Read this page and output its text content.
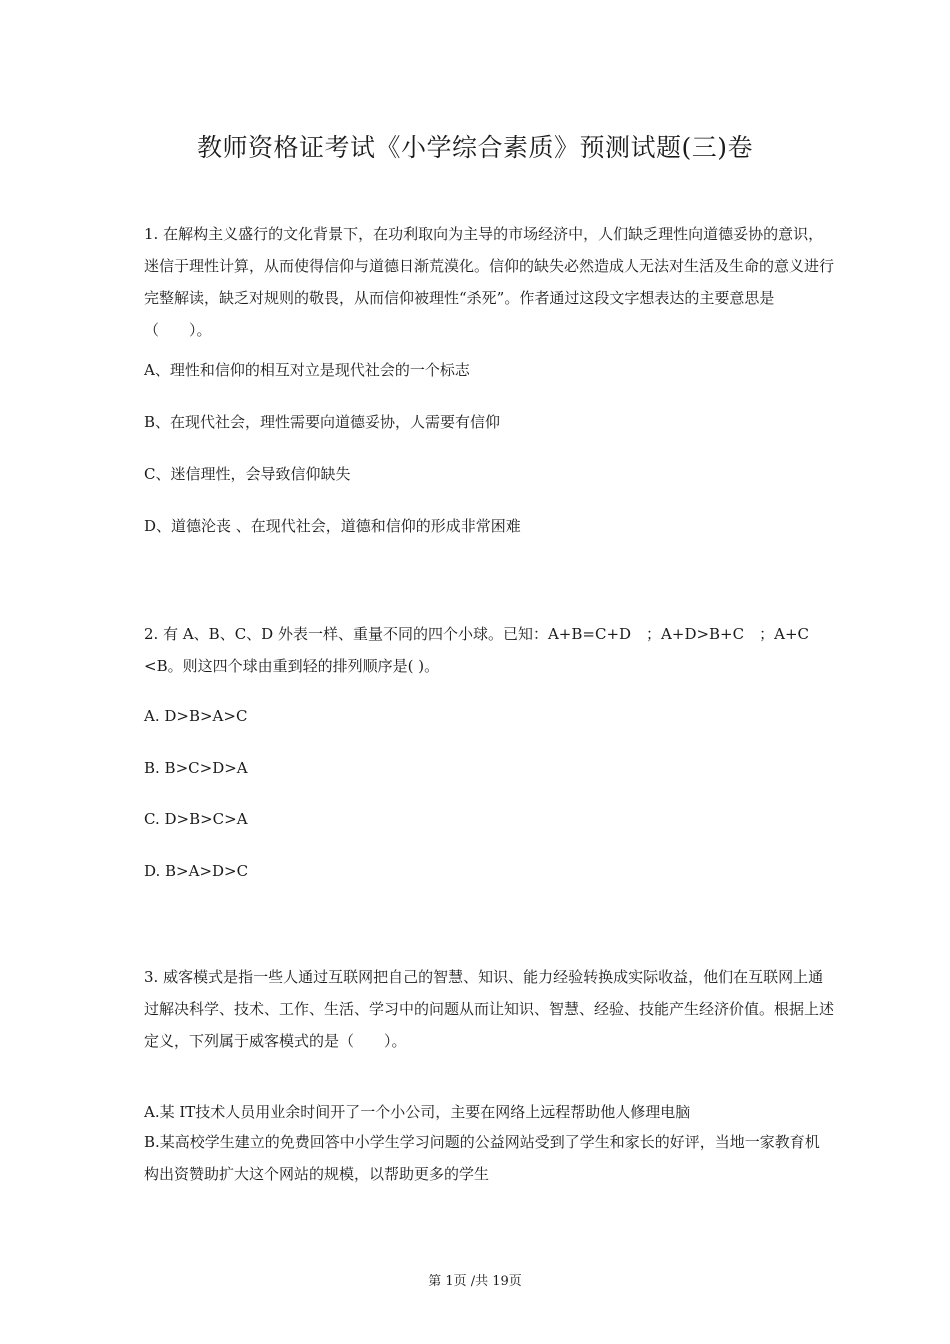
教师资格证考试《小学综合素质》预测试题(三)卷
1. 在解构主义盛行的文化背景下，在功利取向为主导的市场经济中，人们缺乏理性向道德妥协的意识，迷信于理性计算，从而使得信仰与道德日渐荒漠化。信仰的缺失必然造成人无法对生活及生命的意义进行完整解读，缺乏对规则的敬畏，从而信仰被理性“杀死”。作者通过这段文字想表达的主要意思是（　　）。
A、理性和信仰的相互对立是现代社会的一个标志
B、在现代社会，理性需要向道德妥协，人需要有信仰
C、迷信理性，会导致信仰缺失
D、道德沦丧 、在现代社会，道德和信仰的形成非常困难
2. 有 A、B、C、D 外表一样、重量不同的四个小球。已知：A+B=C+D　；A+D>B+C　；A+C <B。则这四个球由重到轻的排列顺序是( )。
A. D>B>A>C
B. B>C>D>A
C. D>B>C>A
D. B>A>D>C
3. 威客模式是指一些人通过互联网把自己的智慧、知识、能力经验转换成实际收益，他们在互联网上通过解决科学、技术、工作、生活、学习中的问题从而让知识、智慧、经验、技能产生经济价值。根据上述定义，下列属于威客模式的是（　　）。
A.某 IT技术人员用业余时间开了一个小公司，主要在网络上远程帮助他人修理电脑
B.某高校学生建立的免费回答中小学生学习问题的公益网站受到了学生和家长的好评，当地一家教育机构出资赞助扩大这个网站的规模，以帮助更多的学生
第 1页 /共 19页
